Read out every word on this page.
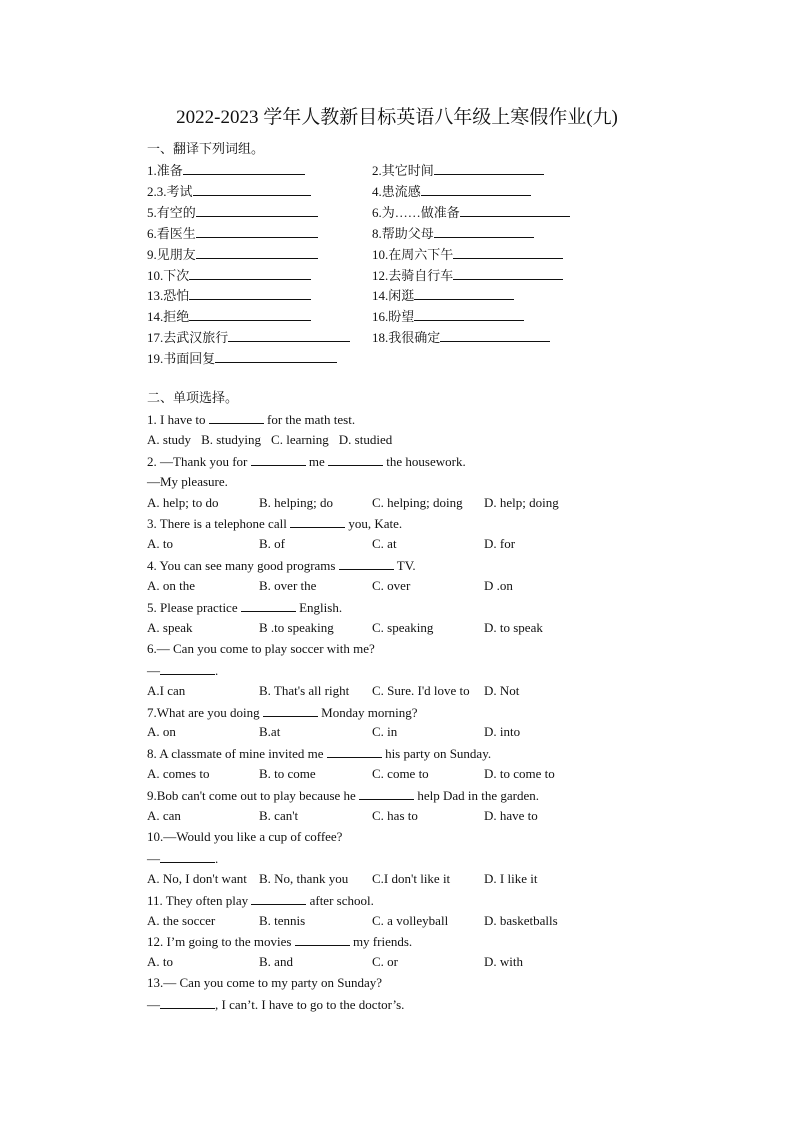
2022-2023 学年人教新目标英语八年级上寒假作业(九)
一、翻译下列词组。
1.准备	2.其它时间
2.3.考试	4.患流感
5.有空的	6.为……做准备
6.看医生	8.帮助父母
9.见朋友	10.在周六下午
10.下次	12.去骑自行车
13.恐怕	14.闲逛
14.拒绝	16.盼望
17.去武汉旅行	18.我很确定
19.书面回复
二、单项选择。
1. I have to	for the math test.
A. study B. studying C. learning D. studied
2. —Thank you for	me	the housework.
—My pleasure.
A. help; to do	B. helping; do	C. helping; doing D. help; doing
3. There is a telephone call	you, Kate.
A. to	B. of	C. at	D. for
4. You can see many good programs	TV.
A. on the	B. over the	C. over	D .on
5. Please practice	English.
A. speak	B .to speaking	C. speaking	D. to speak
6.— Can you come to play soccer with me?
—	.
A.I can	B. That's all right C. Sure. I'd love to D. Not
7.What are you doing	Monday morning?
A. on	B.at	C. in	D. into
8. A classmate of mine invited me	his party on Sunday.
A. comes to	B. to come	C. come to	D. to come to
9.Bob can't come out to play because he	help Dad in the garden.
A. can	B. can't	C. has to	D. have to
10.—Would you like a cup of coffee?
—	.
A. No, I don't want B. No, thank you C.I don't like it	D. I like it
11. They often play	after school.
A. the soccer	B. tennis	C. a volleyball	D. basketballs
12. I’m going to the movies	my friends.
A. to	B. and	C. or	D. with
13.— Can you come to my party on Sunday?
—	, I can’t. I have to go to the doctor’s.
